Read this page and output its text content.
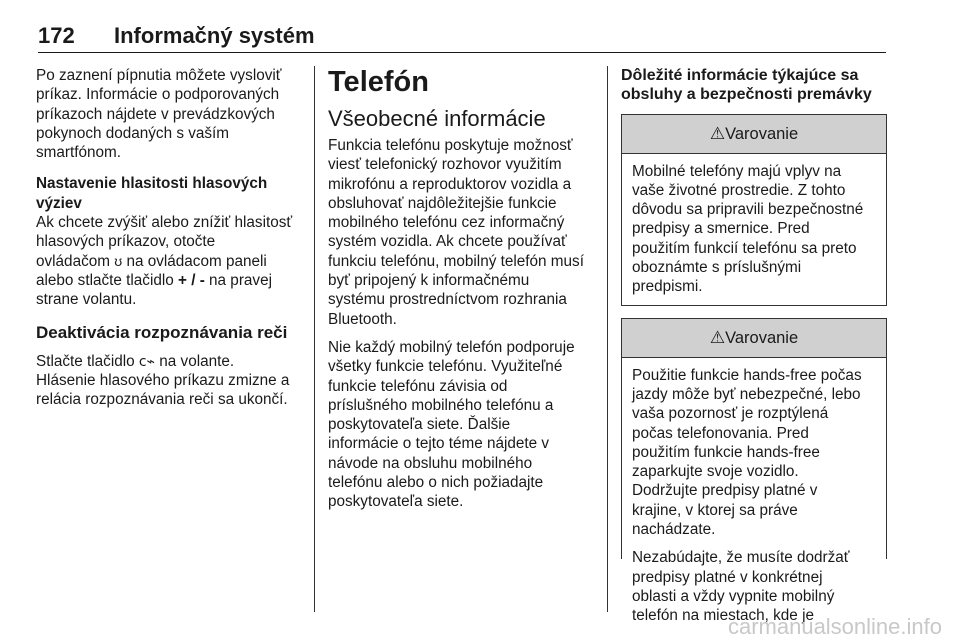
172 Informačný systém

Po zaznení pípnutia môžete vysloviť

príkaz. Informácie o podporovaných

príkazoch nájdete v prevádzkových

pokynoch dodaných s vaším

smartfónom.

Nastavenie hlasitosti hlasových

výziev

Ak chcete zvýšiť alebo znížiť hlasitosť

hlasových príkazov, otočte

ovládačom ʊ na ovládacom paneli

alebo stlačte tlačidlo + / - na pravej

strane volantu.

Deaktivácia rozpoznávania reči

Stlačte tlačidlo ⅽ⌁ na volante.

Hlásenie hlasového príkazu zmizne a

relácia rozpoznávania reči sa ukončí.

Telefón
Všeobecné informácie

Funkcia telefónu poskytuje možnosť

viesť telefonický rozhovor využitím

mikrofónu a reproduktorov vozidla a

obsluhovať najdôležitejšie funkcie

mobilného telefónu cez informačný

systém vozidla. Ak chcete používať

funkciu telefónu, mobilný telefón musí

byť pripojený k informačnému

systému prostredníctvom rozhrania

Bluetooth.

Nie každý mobilný telefón podporuje

všetky funkcie telefónu. Využiteľné

funkcie telefónu závisia od

príslušného mobilného telefónu a

poskytovateľa siete. Ďalšie

informácie o tejto téme nájdete v

návode na obsluhu mobilného

telefónu alebo o nich požiadajte

poskytovateľa siete.

Dôležité informácie týkajúce sa

obsluhy a bezpečnosti premávky

⚠Varovanie

Mobilné telefóny majú vplyv na

vaše životné prostredie. Z tohto

dôvodu sa pripravili bezpečnostné

predpisy a smernice. Pred

použitím funkcií telefónu sa preto

oboznámte s príslušnými

predpismi.

⚠Varovanie

Použitie funkcie hands-free počas

jazdy môže byť nebezpečné, lebo

vaša pozornosť je rozptýlená

počas telefonovania. Pred

použitím funkcie hands-free

zaparkujte svoje vozidlo.

Dodržujte predpisy platné v

krajine, v ktorej sa práve

nachádzate.

Nezabúdajte, že musíte dodržať

predpisy platné v konkrétnej

oblasti a vždy vypnite mobilný

telefón na miestach, kde je

carmanualsonline.info
